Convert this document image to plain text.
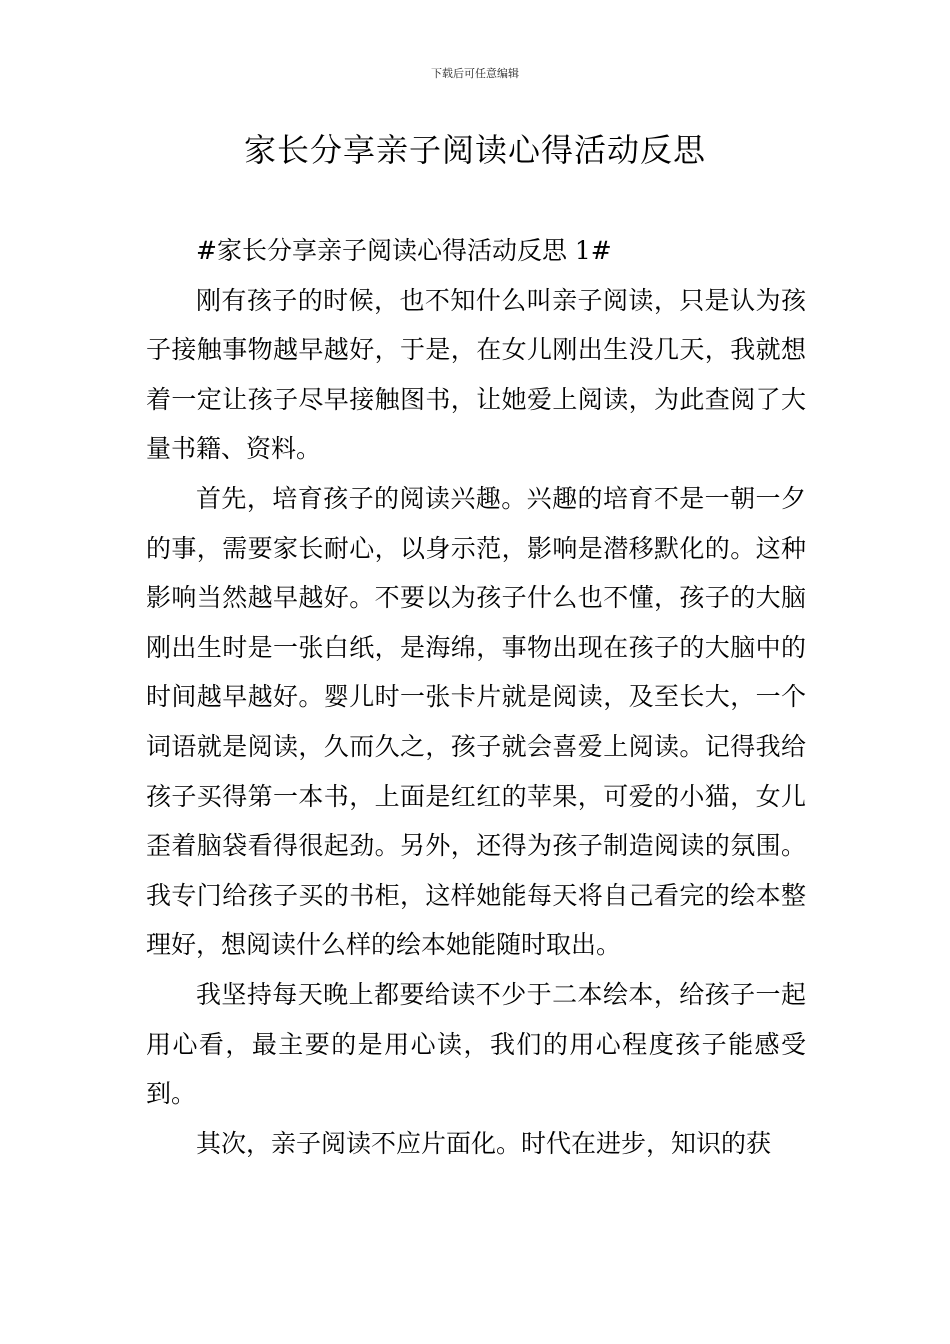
下载后可任意编辑
家长分享亲子阅读心得活动反思

#家长分享亲子阅读心得活动反思 1#

刚有孩子的时候，也不知什么叫亲子阅读，只是认为孩子接触事物越早越好，于是，在女儿刚出生没几天，我就想着一定让孩子尽早接触图书，让她爱上阅读，为此查阅了大量书籍、资料。

首先，培育孩子的阅读兴趣。兴趣的培育不是一朝一夕的事，需要家长耐心，以身示范，影响是潜移默化的。这种影响当然越早越好。不要以为孩子什么也不懂，孩子的大脑刚出生时是一张白纸，是海绵，事物出现在孩子的大脑中的时间越早越好。婴儿时一张卡片就是阅读，及至长大，一个词语就是阅读，久而久之，孩子就会喜爱上阅读。记得我给孩子买得第一本书，上面是红红的苹果，可爱的小猫，女儿歪着脑袋看得很起劲。另外，还得为孩子制造阅读的氛围。我专门给孩子买的书柜，这样她能每天将自己看完的绘本整理好，想阅读什么样的绘本她能随时取出。

我坚持每天晚上都要给读不少于二本绘本，给孩子一起用心看，最主要的是用心读，我们的用心程度孩子能感受到。

其次，亲子阅读不应片面化。时代在进步，知识的获
